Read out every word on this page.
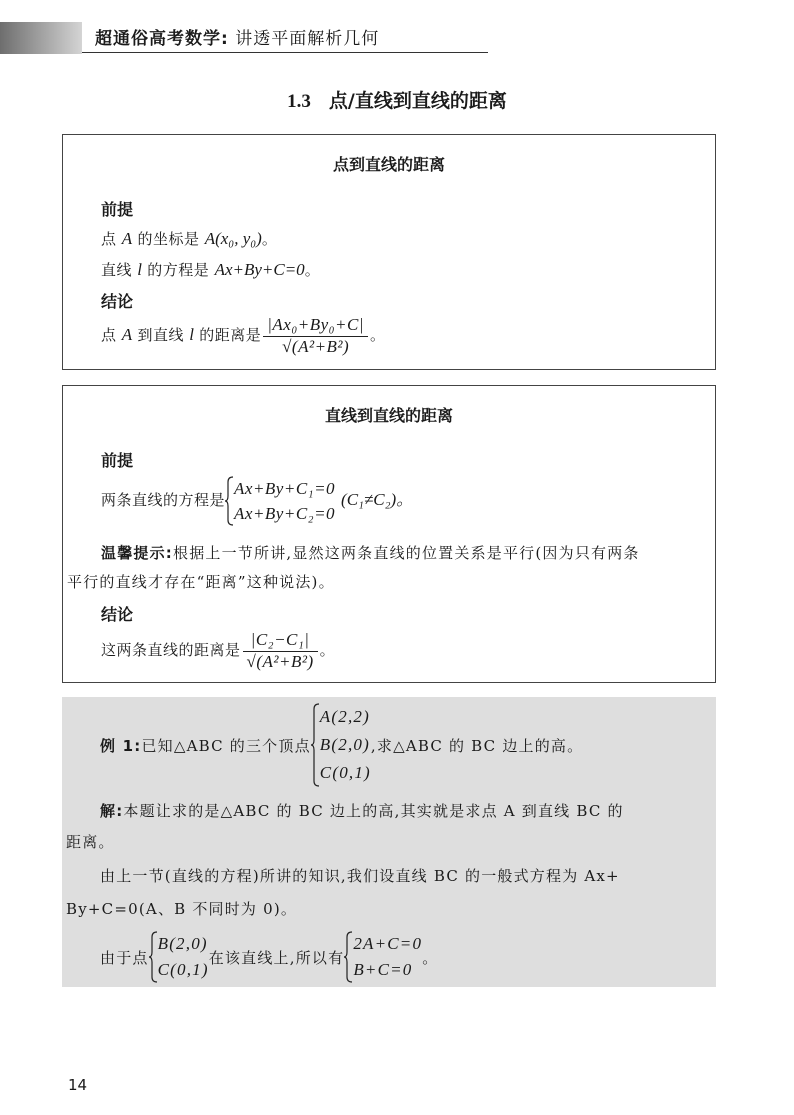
超通俗高考数学: 讲透平面解析几何
1.3 点/直线到直线的距离
点到直线的距离
前提
点 A 的坐标是 A(x₀, y₀)。
直线 l 的方程是 Ax+By+C=0。
结论
点 A 到直线 l 的距离是 $\frac{\text{|Ax₀+By₀+C|}}{\text{√(A²+B²)}}$ 。
直线到直线的距离
前提
两条直线的方程是
Ax+By+C₁=0
Ax+By+C₂=0
(C₁≠C₂)。
温馨提示:根据上一节所讲,显然这两条直线的位置关系是平行(因为只有两条
平行的直线才存在“距离”这种说法)。
结论
这两条直线的距离是 $\frac{\text{|C₂−C₁|}}{\text{√(A²+B²)}}$ 。
例 1:已知△ABC 的三个顶点
A(2,2)
B(2,0)
C(0,1)
,求△ABC 的 BC 边上的高。
解:本题让求的是△ABC 的 BC 边上的高,其实就是求点 A 到直线 BC 的
距离。
由上一节(直线的方程)所讲的知识,我们设直线 BC 的一般式方程为 Ax+
By+C=0(A、B 不同时为 0)。
由于点
B(2,0)
C(0,1)
在该直线上,所以有
2A+C=0
B+C=0
。
14
